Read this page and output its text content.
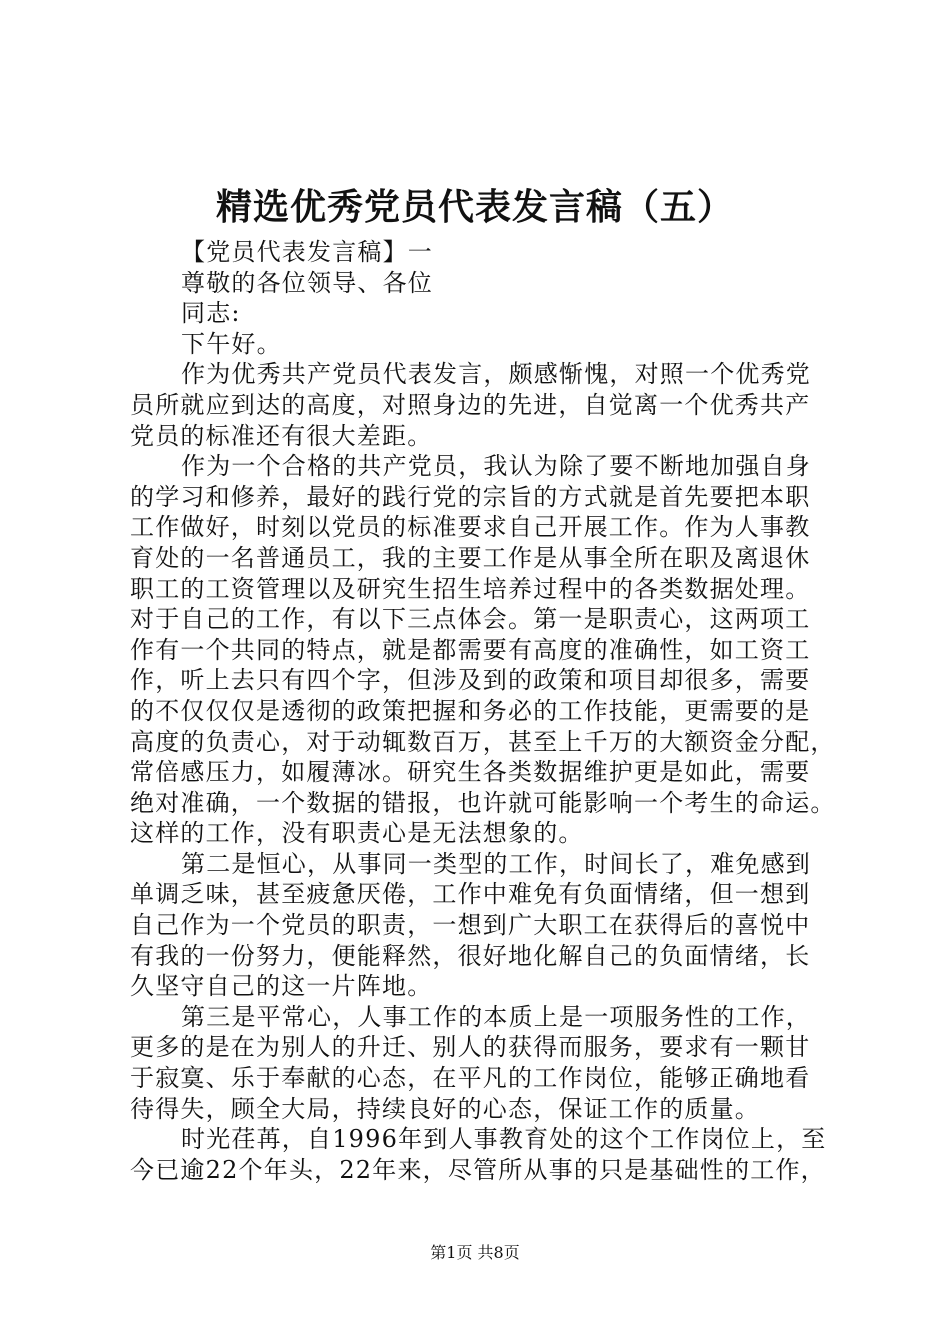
精选优秀党员代表发言稿（五）
【党员代表发言稿】一
尊敬的各位领导、各位
同志:
下午好。
作为优秀共产党员代表发言，颇感惭愧，对照一个优秀党
员所就应到达的高度，对照身边的先进，自觉离一个优秀共产
党员的标准还有很大差距。
作为一个合格的共产党员，我认为除了要不断地加强自身
的学习和修养，最好的践行党的宗旨的方式就是首先要把本职
工作做好，时刻以党员的标准要求自己开展工作。作为人事教
育处的一名普通员工，我的主要工作是从事全所在职及离退休
职工的工资管理以及研究生招生培养过程中的各类数据处理。
对于自己的工作，有以下三点体会。第一是职责心，这两项工
作有一个共同的特点，就是都需要有高度的准确性，如工资工
作，听上去只有四个字，但涉及到的政策和项目却很多，需要
的不仅仅仅是透彻的政策把握和务必的工作技能，更需要的是
高度的负责心，对于动辄数百万，甚至上千万的大额资金分配，
常倍感压力，如履薄冰。研究生各类数据维护更是如此，需要
绝对准确，一个数据的错报，也许就可能影响一个考生的命运。
这样的工作，没有职责心是无法想象的。
第二是恒心，从事同一类型的工作，时间长了，难免感到
单调乏味，甚至疲惫厌倦，工作中难免有负面情绪，但一想到
自己作为一个党员的职责，一想到广大职工在获得后的喜悦中
有我的一份努力，便能释然，很好地化解自己的负面情绪，长
久坚守自己的这一片阵地。
第三是平常心，人事工作的本质上是一项服务性的工作，
更多的是在为别人的升迁、别人的获得而服务，要求有一颗甘
于寂寞、乐于奉献的心态，在平凡的工作岗位，能够正确地看
待得失，顾全大局，持续良好的心态，保证工作的质量。
时光荏苒，自1996年到人事教育处的这个工作岗位上，至
今已逾22个年头，22年来，尽管所从事的只是基础性的工作，
第1页 共8页
